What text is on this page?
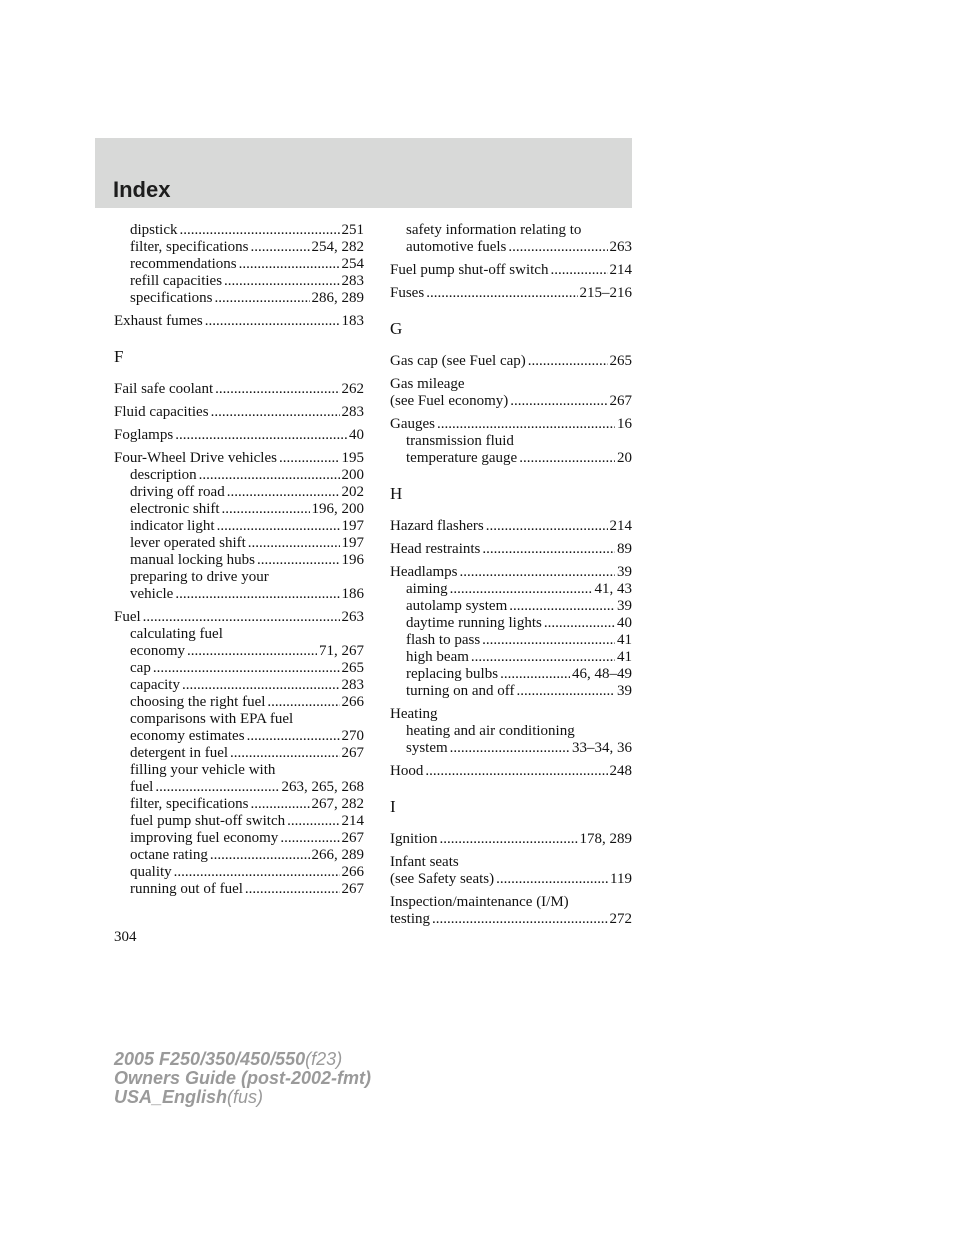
Index
dipstick .....	251
filter, specifications .....	254, 282
recommendations .....	254
refill capacities .....	283
specifications .....	286, 289
Exhaust fumes .....	183
F
Fail safe coolant .....	262
Fluid capacities .....	283
Foglamps .....	40
Four-Wheel Drive vehicles .....	195
description .....	200
driving off road .....	202
electronic shift .....	196, 200
indicator light .....	197
lever operated shift .....	197
manual locking hubs .....	196
preparing to drive your
vehicle .....	186
Fuel .....	263
calculating fuel
economy .....	71, 267
cap .....	265
capacity .....	283
choosing the right fuel .....	266
comparisons with EPA fuel
economy estimates .....	270
detergent in fuel .....	267
filling your vehicle with
fuel .....	263, 265, 268
filter, specifications .....	267, 282
fuel pump shut-off switch .....	214
improving fuel economy .....	267
octane rating .....	266, 289
quality .....	266
running out of fuel .....	267
safety information relating to
automotive fuels .....	263
Fuel pump shut-off switch .....	214
Fuses .....	215–216
G
Gas cap (see Fuel cap) .....	265
Gas mileage
(see Fuel economy) .....	267
Gauges .....	16
transmission fluid
temperature gauge .....	20
H
Hazard flashers .....	214
Head restraints .....	89
Headlamps .....	39
aiming .....	41, 43
autolamp system .....	39
daytime running lights .....	40
flash to pass .....	41
high beam .....	41
replacing bulbs .....	46, 48–49
turning on and off .....	39
Heating
heating and air conditioning
system .....	33–34, 36
Hood .....	248
I
Ignition .....	178, 289
Infant seats
(see Safety seats) .....	119
Inspection/maintenance (I/M)
testing .....	272
304
2005 F250/350/450/550(f23)
Owners Guide (post-2002-fmt)
USA_English(fus)
